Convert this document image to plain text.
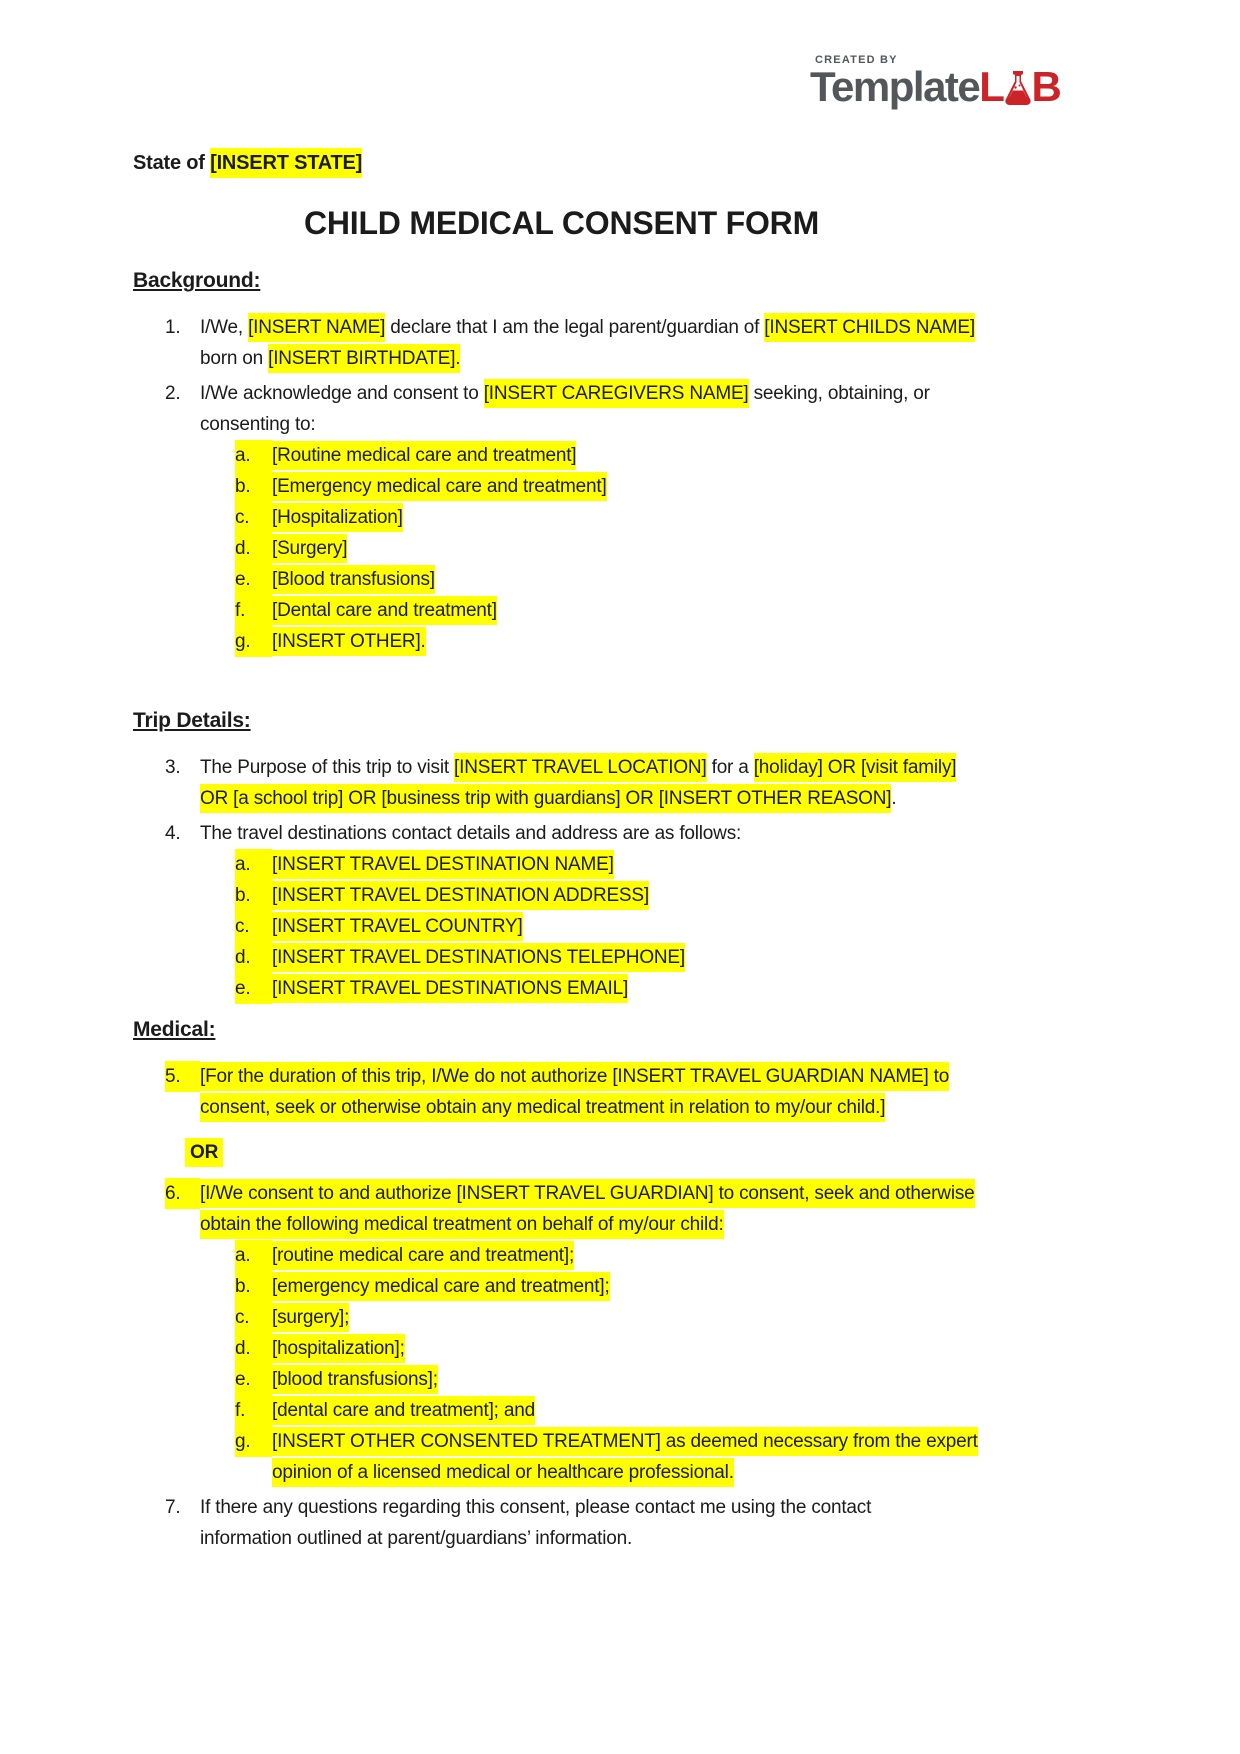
CREATED BY
Template L B
State of [INSERT STATE]
CHILD MEDICAL CONSENT FORM
Background:
1.	I/We, [INSERT NAME] declare that I am the legal parent/guardian of [INSERT CHILDS NAME]
born on [INSERT BIRTHDATE].
2.	I/We acknowledge and consent to [INSERT CAREGIVERS NAME] seeking, obtaining, or
consenting to:
a.	[Routine medical care and treatment]
b.	[Emergency medical care and treatment]
c.	[Hospitalization]
d.	[Surgery]
e.	[Blood transfusions]
f.	[Dental care and treatment]
g.	[INSERT OTHER].
Trip Details:
3.	The Purpose of this trip to visit [INSERT TRAVEL LOCATION] for a [holiday] OR [visit family]
OR [a school trip] OR [business trip with guardians] OR [INSERT OTHER REASON].
4.	The travel destinations contact details and address are as follows:
a.	[INSERT TRAVEL DESTINATION NAME]
b.	[INSERT TRAVEL DESTINATION ADDRESS]
c.	[INSERT TRAVEL COUNTRY]
d.	[INSERT TRAVEL DESTINATIONS TELEPHONE]
e.	[INSERT TRAVEL DESTINATIONS EMAIL]
Medical:
5.	[For the duration of this trip, I/We do not authorize [INSERT TRAVEL GUARDIAN NAME] to
consent, seek or otherwise obtain any medical treatment in relation to my/our child.]
OR
6.	[I/We consent to and authorize [INSERT TRAVEL GUARDIAN] to consent, seek and otherwise
obtain the following medical treatment on behalf of my/our child:
a.	[routine medical care and treatment];
b.	[emergency medical care and treatment];
c.	[surgery];
d.	[hospitalization];
e.	[blood transfusions];
f.	[dental care and treatment]; and
g.	[INSERT OTHER CONSENTED TREATMENT] as deemed necessary from the expert
opinion of a licensed medical or healthcare professional.
7.	If there any questions regarding this consent, please contact me using the contact
information outlined at parent/guardians’ information.
